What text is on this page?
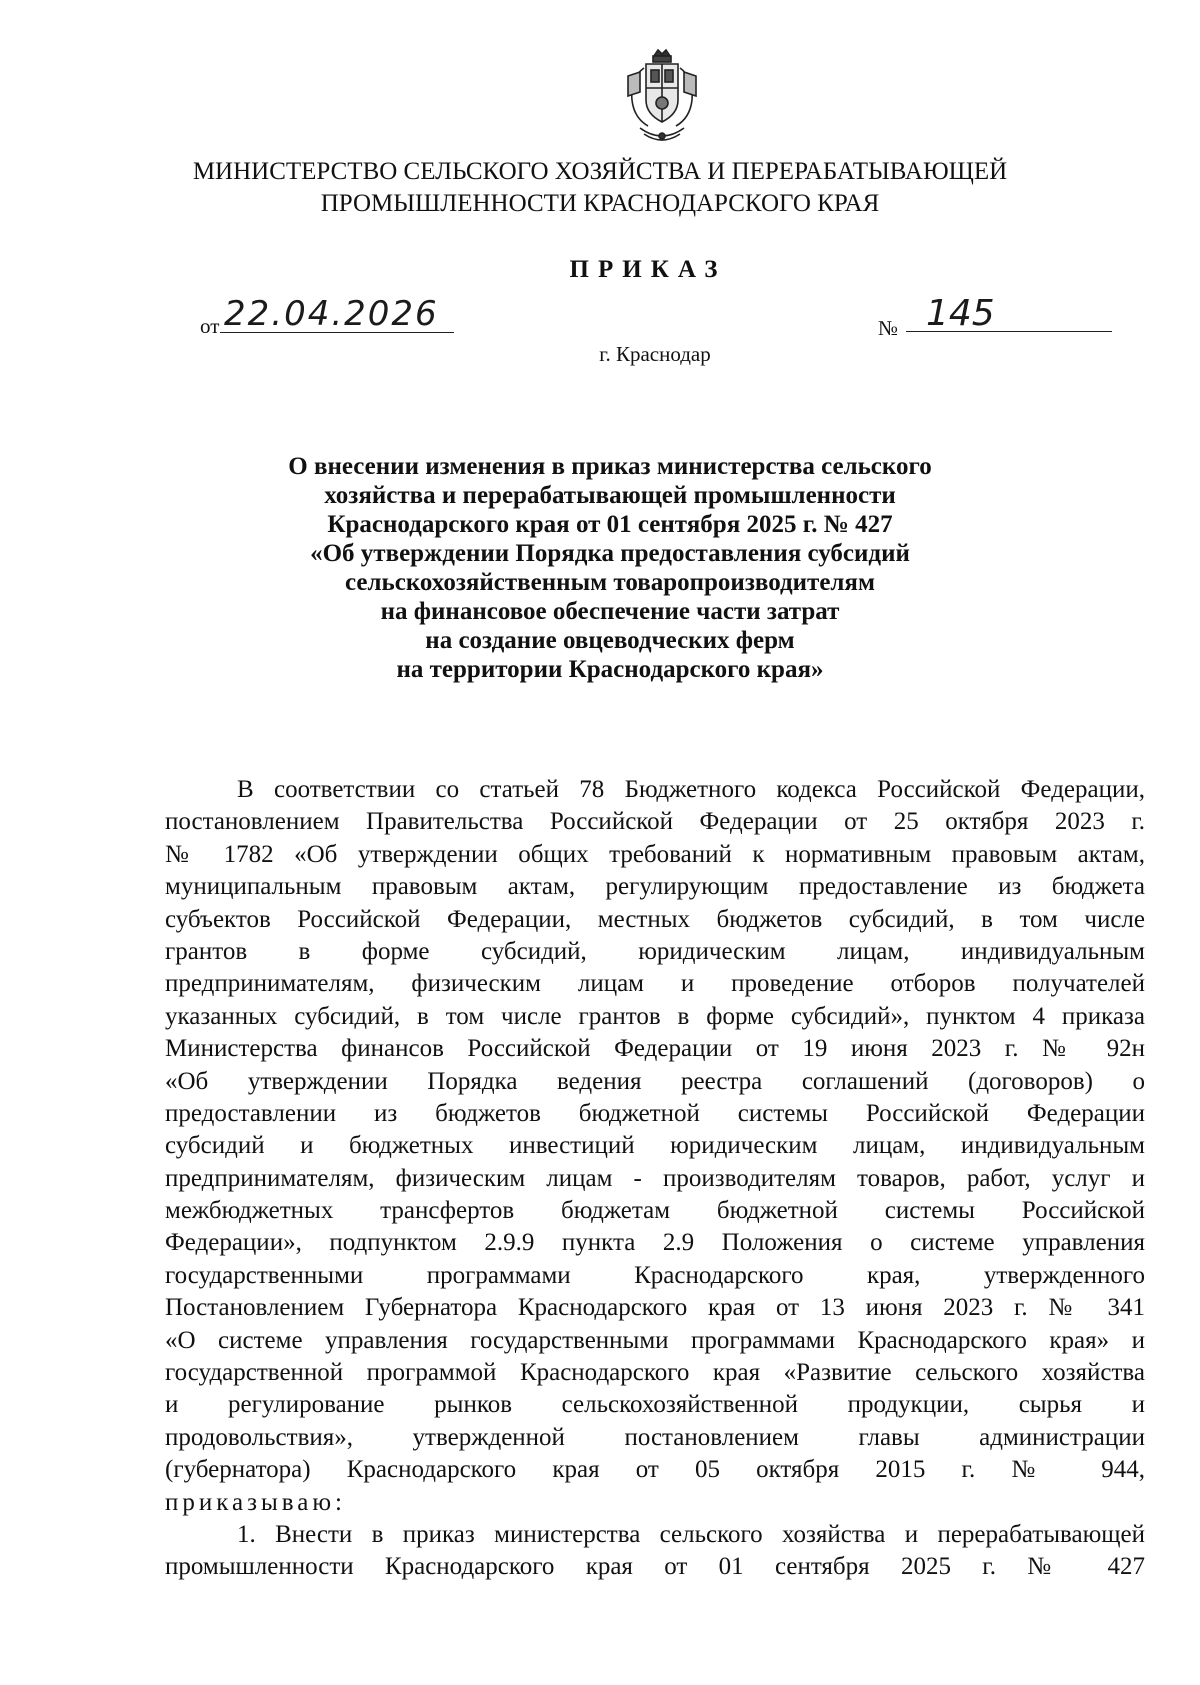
МИНИСТЕРСТВО СЕЛЬСКОГО ХОЗЯЙСТВА И ПЕРЕРАБАТЫВАЮЩЕЙ
ПРОМЫШЛЕННОСТИ КРАСНОДАРСКОГО КРАЯ
ПРИКАЗ
от 22.04.2026	№ 145
г. Краснодар
О внесении изменения в приказ министерства сельского
хозяйства и перерабатывающей промышленности
Краснодарского края от 01 сентября 2025 г. № 427
«Об утверждении Порядка предоставления субсидий
сельскохозяйственным товаропроизводителям
на финансовое обеспечение части затрат
на создание овцеводческих ферм
на территории Краснодарского края»
В соответствии со статьей 78 Бюджетного кодекса Российской Федерации,
постановлением Правительства Российской Федерации от 25 октября 2023 г.
№ 1782 «Об утверждении общих требований к нормативным правовым актам,
муниципальным правовым актам, регулирующим предоставление из бюджета
субъектов Российской Федерации, местных бюджетов субсидий, в том числе
грантов в форме субсидий, юридическим лицам, индивидуальным
предпринимателям, физическим лицам и проведение отборов получателей
указанных субсидий, в том числе грантов в форме субсидий», пунктом 4 приказа
Министерства финансов Российской Федерации от 19 июня 2023 г. № 92н
«Об утверждении Порядка ведения реестра соглашений (договоров) о
предоставлении из бюджетов бюджетной системы Российской Федерации
субсидий и бюджетных инвестиций юридическим лицам, индивидуальным
предпринимателям, физическим лицам - производителям товаров, работ, услуг и
межбюджетных трансфертов бюджетам бюджетной системы Российской
Федерации», подпунктом 2.9.9 пункта 2.9 Положения о системе управления
государственными программами Краснодарского края, утвержденного
Постановлением Губернатора Краснодарского края от 13 июня 2023 г. № 341
«О системе управления государственными программами Краснодарского края» и
государственной программой Краснодарского края «Развитие сельского хозяйства
и регулирование рынков сельскохозяйственной продукции, сырья и
продовольствия», утвержденной постановлением главы администрации
(губернатора) Краснодарского края от 05 октября 2015 г. № 944,
приказываю:
1. Внести в приказ министерства сельского хозяйства и перерабатывающей
промышленности Краснодарского края от 01 сентября 2025 г. № 427
